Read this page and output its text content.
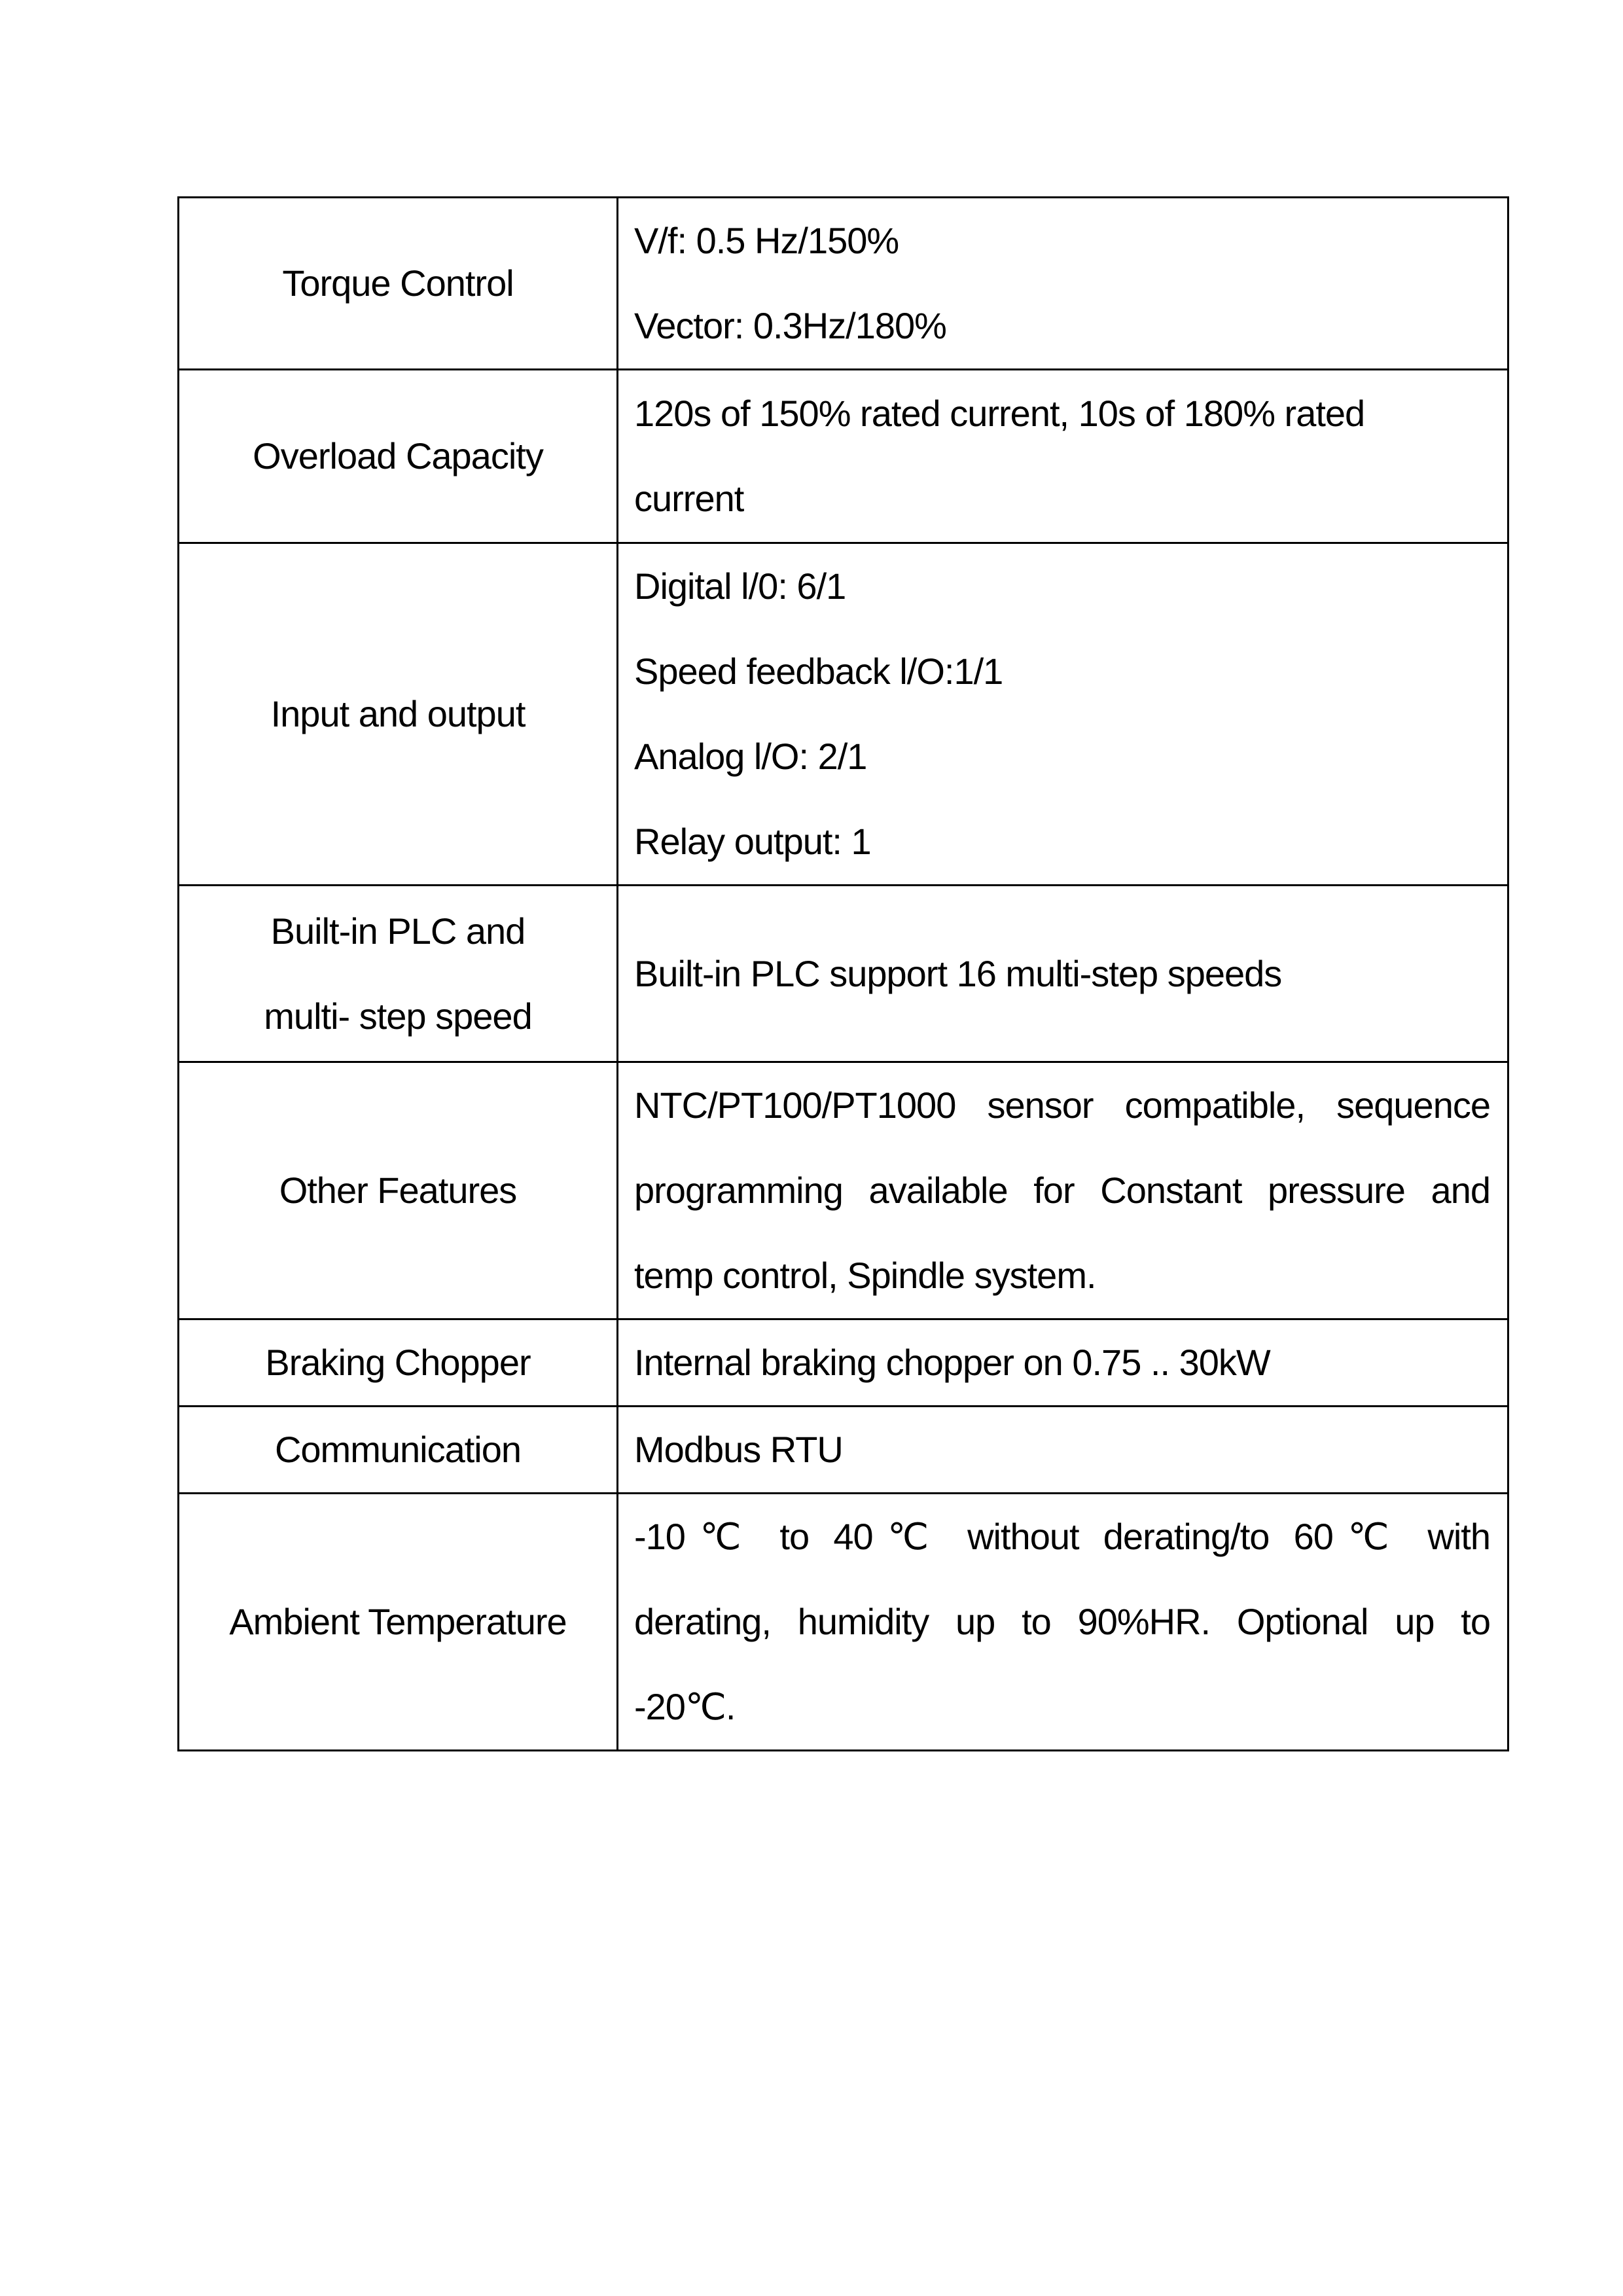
Torque Control	V/f: 0.5 Hz/150%
Vector: 0.3Hz/180%

Overload Capacity	120s of 150% rated current, 10s of 180% rated
current

Input and output	Digital l/0: 6/1
Speed feedback l/O:1/1
Analog l/O: 2/1
Relay output: 1

Built-in PLC and
multi- step speed	Built-in PLC support 16 multi-step speeds

Other Features	NTC/PT100/PT1000 sensor compatible, sequence
programming available for Constant pressure and
temp control, Spindle system.

Braking Chopper	Internal braking chopper on 0.75 .. 30kW

Communication	Modbus RTU

Ambient Temperature	-10℃ to 40℃ without derating/to 60℃ with
derating, humidity up to 90%HR. Optional up to
-20℃.
